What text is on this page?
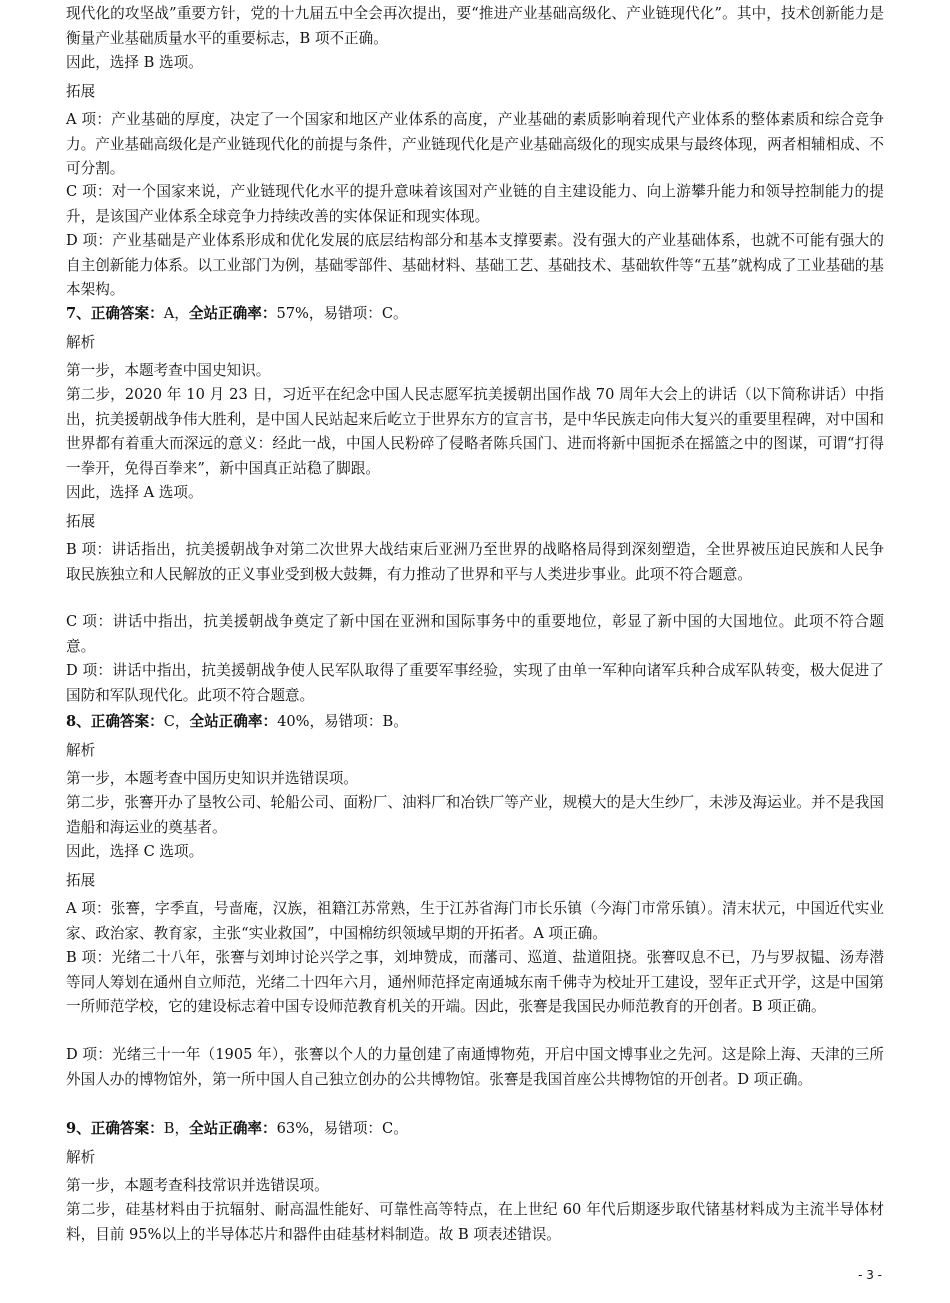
现代化的攻坚战”重要方针，党的十九届五中全会再次提出，要“推进产业基础高级化、产业链现代化”。其中，技术创新能力是衡量产业基础质量水平的重要标志，B 项不正确。

因此，选择 B 选项。

拓展

A 项：产业基础的厚度，决定了一个国家和地区产业体系的高度，产业基础的素质影响着现代产业体系的整体素质和综合竞争力。产业基础高级化是产业链现代化的前提与条件，产业链现代化是产业基础高级化的现实成果与最终体现，两者相辅相成、不可分割。

C 项：对一个国家来说，产业链现代化水平的提升意味着该国对产业链的自主建设能力、向上游攀升能力和领导控制能力的提升，是该国产业体系全球竞争力持续改善的实体保证和现实体现。

D 项：产业基础是产业体系形成和优化发展的底层结构部分和基本支撑要素。没有强大的产业基础体系，也就不可能有强大的自主创新能力体系。以工业部门为例，基础零部件、基础材料、基础工艺、基础技术、基础软件等“五基”就构成了工业基础的基本架构。

7、正确答案：A，全站正确率：57%，易错项：C。

解析

第一步，本题考查中国史知识。

第二步，2020 年 10 月 23 日，习近平在纪念中国人民志愿军抗美援朝出国作战 70 周年大会上的讲话（以下简称讲话）中指出，抗美援朝战争伟大胜利，是中国人民站起来后屹立于世界东方的宣言书，是中华民族走向伟大复兴的重要里程碑，对中国和世界都有着重大而深远的意义：经此一战，中国人民粉碎了侵略者陈兵国门、进而将新中国扼杀在摇篮之中的图谋，可谓“打得一拳开，免得百拳来”，新中国真正站稳了脚跟。

因此，选择 A 选项。

拓展

B 项：讲话指出，抗美援朝战争对第二次世界大战结束后亚洲乃至世界的战略格局得到深刻塑造，全世界被压迫民族和人民争取民族独立和人民解放的正义事业受到极大鼓舞，有力推动了世界和平与人类进步事业。此项不符合题意。

C 项：讲话中指出，抗美援朝战争奠定了新中国在亚洲和国际事务中的重要地位，彰显了新中国的大国地位。此项不符合题意。

D 项：讲话中指出，抗美援朝战争使人民军队取得了重要军事经验，实现了由单一军种向诸军兵种合成军队转变，极大促进了国防和军队现代化。此项不符合题意。

8、正确答案：C，全站正确率：40%，易错项：B。

解析

第一步，本题考查中国历史知识并选错误项。

第二步，张謇开办了垦牧公司、轮船公司、面粉厂、油料厂和冶铁厂等产业，规模大的是大生纱厂，未涉及海运业。并不是我国造船和海运业的奠基者。

因此，选择 C 选项。

拓展

A 项：张謇，字季直，号啬庵，汉族，祖籍江苏常熟，生于江苏省海门市长乐镇（今海门市常乐镇）。清末状元，中国近代实业家、政治家、教育家，主张“实业救国”，中国棉纺织领域早期的开拓者。A 项正确。

B 项：光绪二十八年，张謇与刘坤讨论兴学之事，刘坤赞成，而藩司、巡道、盐道阻挠。张謇叹息不已，乃与罗叔韫、汤寿潜等同人筹划在通州自立师范，光绪二十四年六月，通州师范择定南通城东南千佛寺为校址开工建设，翌年正式开学，这是中国第一所师范学校，它的建设标志着中国专设师范教育机关的开端。因此，张謇是我国民办师范教育的开创者。B 项正确。

D 项：光绪三十一年（1905 年），张謇以个人的力量创建了南通博物苑，开启中国文博事业之先河。这是除上海、天津的三所外国人办的博物馆外，第一所中国人自己独立创办的公共博物馆。张謇是我国首座公共博物馆的开创者。D 项正确。

9、正确答案：B，全站正确率：63%，易错项：C。

解析

第一步，本题考查科技常识并选错误项。

第二步，硅基材料由于抗辐射、耐高温性能好、可靠性高等特点，在上世纪 60 年代后期逐步取代锗基材料成为主流半导体材料，目前 95%以上的半导体芯片和器件由硅基材料制造。故 B 项表述错误。

- 3 -
